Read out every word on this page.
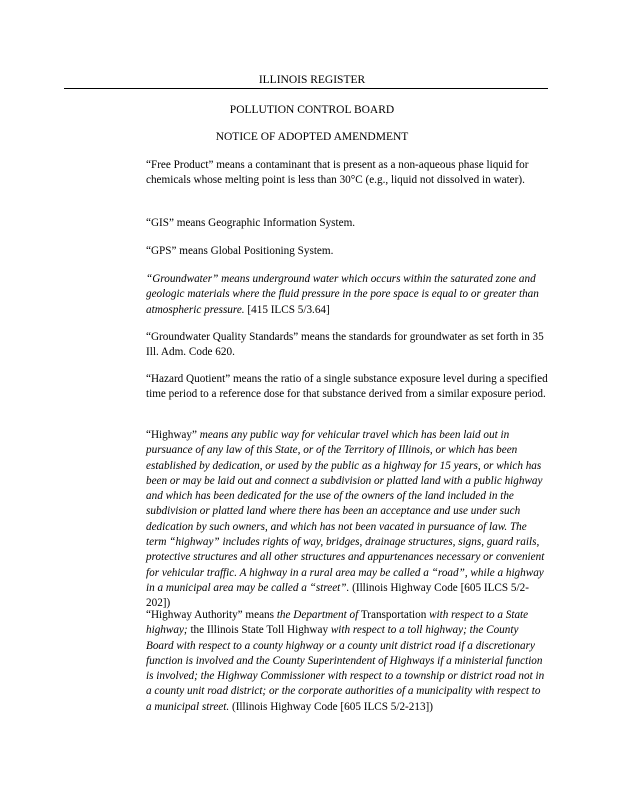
ILLINOIS REGISTER
POLLUTION CONTROL BOARD
NOTICE OF ADOPTED AMENDMENT

“Free Product” means a contaminant that is present as a non-aqueous phase liquid for chemicals whose melting point is less than 30°C (e.g., liquid not dissolved in water).

“GIS” means Geographic Information System.

“GPS” means Global Positioning System.

“Groundwater” means underground water which occurs within the saturated zone and geologic materials where the fluid pressure in the pore space is equal to or greater than atmospheric pressure. [415 ILCS 5/3.64]

“Groundwater Quality Standards” means the standards for groundwater as set forth in 35 Ill. Adm. Code 620.

“Hazard Quotient” means the ratio of a single substance exposure level during a specified time period to a reference dose for that substance derived from a similar exposure period.

“Highway” means any public way for vehicular travel which has been laid out in pursuance of any law of this State, or of the Territory of Illinois, or which has been established by dedication, or used by the public as a highway for 15 years, or which has been or may be laid out and connect a subdivision or platted land with a public highway and which has been dedicated for the use of the owners of the land included in the subdivision or platted land where there has been an acceptance and use under such dedication by such owners, and which has not been vacated in pursuance of law. The term “highway” includes rights of way, bridges, drainage structures, signs, guard rails, protective structures and all other structures and appurtenances necessary or convenient for vehicular traffic. A highway in a rural area may be called a “road”, while a highway in a municipal area may be called a “street”. (Illinois Highway Code [605 ILCS 5/2-202])

“Highway Authority” means the Department of Transportation with respect to a State highway; the Illinois State Toll Highway with respect to a toll highway; the County Board with respect to a county highway or a county unit district road if a discretionary function is involved and the County Superintendent of Highways if a ministerial function is involved; the Highway Commissioner with respect to a township or district road not in a county unit road district; or the corporate authorities of a municipality with respect to a municipal street. (Illinois Highway Code [605 ILCS 5/2-213])
